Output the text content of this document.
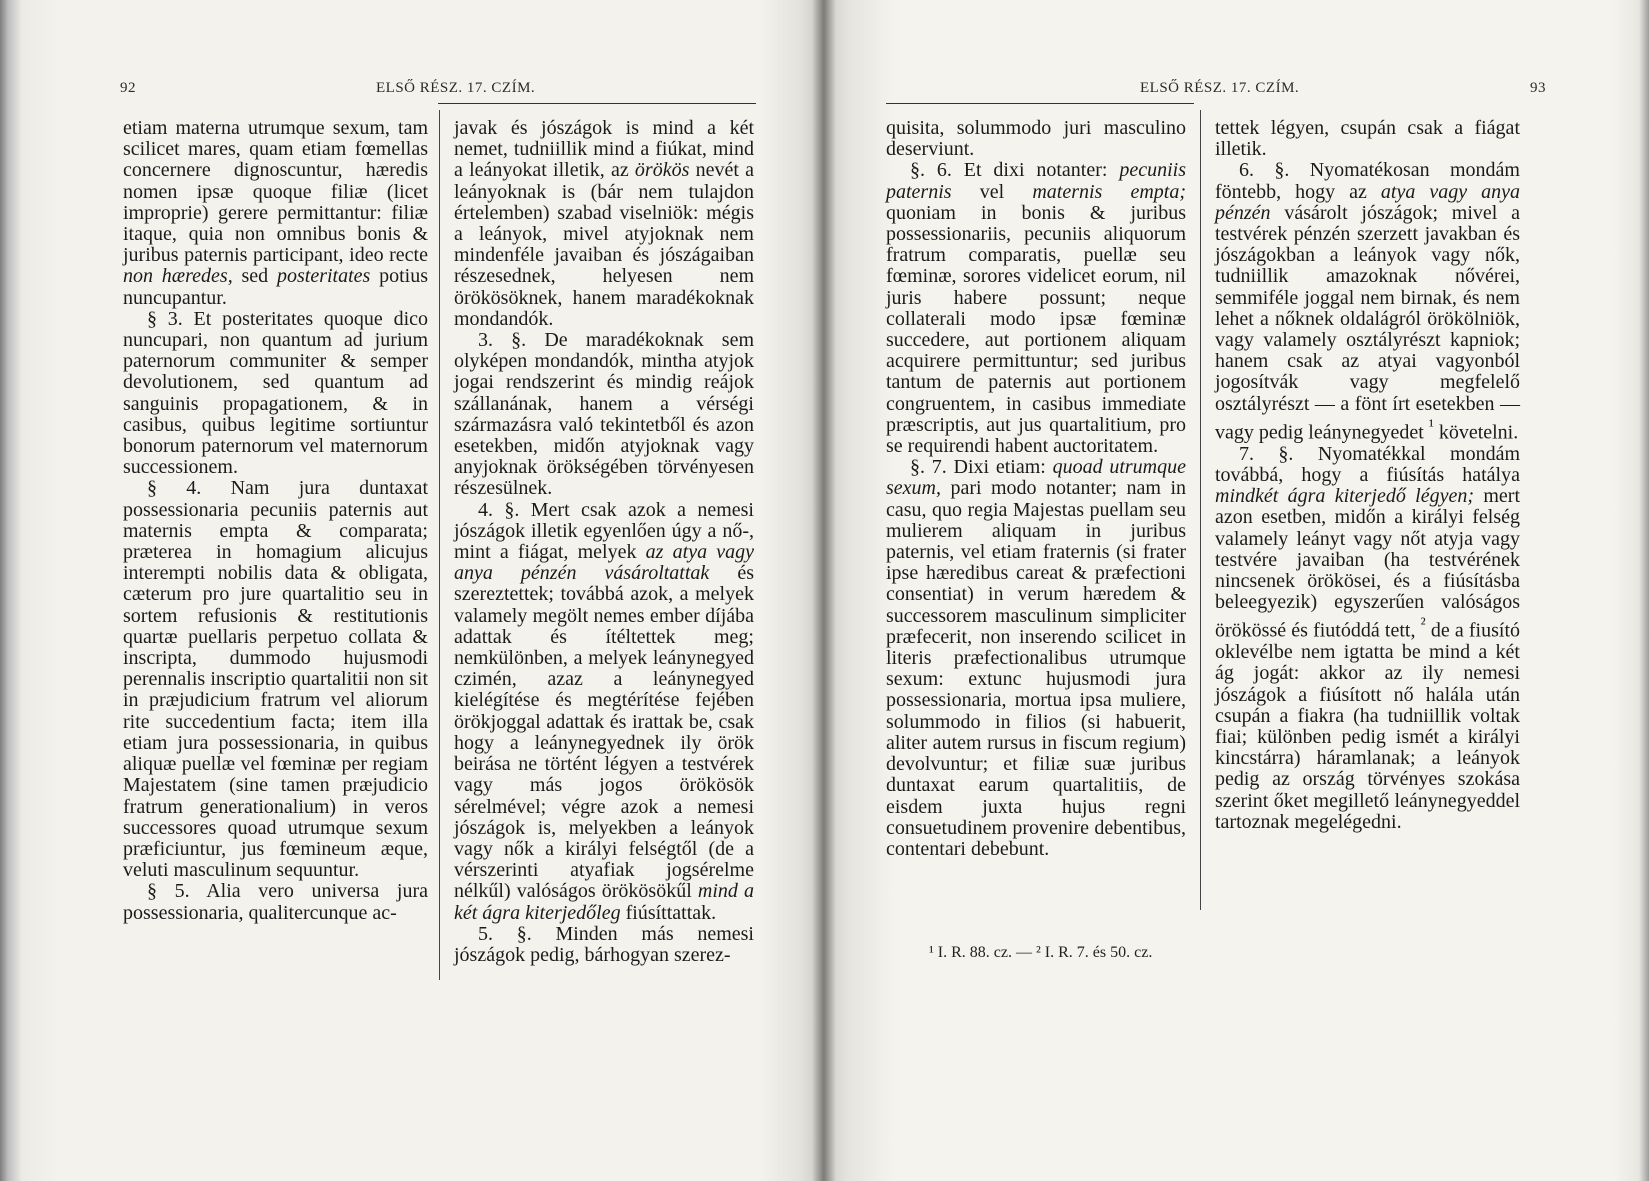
92	ELSŐ RÉSZ. 17. CZÍM.

etiam materna utrumque sexum, tam scilicet mares, quam etiam fœmellas concernere dignoscuntur, hæredis nomen ipsæ quoque filiæ (licet improprie) gerere permittantur: filiæ itaque, quia non omnibus bonis & juribus paternis participant, ideo recte non hæredes, sed posteritates potius nuncupantur.

§ 3. Et posteritates quoque dico nuncupari, non quantum ad jurium paternorum communiter & semper devolutionem, sed quantum ad sanguinis propagationem, & in casibus, quibus legitime sortiuntur bonorum paternorum vel maternorum successionem.

§ 4. Nam jura duntaxat possessionaria pecuniis paternis aut maternis empta & comparata; præterea in homagium alicujus interempti nobilis data & obligata, cæterum pro jure quartalitio seu in sortem refusionis & restitutionis quartæ puellaris perpetuo collata & inscripta, dummodo hujusmodi perennalis inscriptio quartalitii non sit in præjudicium fratrum vel aliorum rite succedentium facta; item illa etiam jura possessionaria, in quibus aliquæ puellæ vel fœminæ per regiam Majestatem (sine tamen præjudicio fratrum generationalium) in veros successores quoad utrumque sexum præficiuntur, jus fœmineum æque, veluti masculinum sequuntur.

§ 5. Alia vero universa jura possessionaria, qualitercunque ac-

javak és jószágok is mind a két nemet, tudniillik mind a fiúkat, mind a leányokat illetik, az örökös nevét a leányoknak is (bár nem tulajdon értelemben) szabad viselniök: mégis a leányok, mivel atyjoknak nem mindenféle javaiban és jószágaiban részesednek, helyesen nem örökösöknek, hanem maradékoknak mondandók.

3. §. De maradékoknak sem olyképen mondandók, mintha atyjok jogai rendszerint és mindig reájok szállanának, hanem a vérségi származásra való tekintetből és azon esetekben, midőn atyjoknak vagy anyjoknak örökségében törvényesen részesülnek.

4. §. Mert csak azok a nemesi jószágok illetik egyenlően úgy a nő-, mint a fiágat, melyek az atya vagy anya pénzén vásároltattak és szereztettek; továbbá azok, a melyek valamely megölt nemes ember díjába adattak és ítéltettek meg; nemkülönben, a melyek leánynegyed czimén, azaz a leánynegyed kielégítése és megtérítése fejében örökjoggal adattak és irattak be, csak hogy a leánynegyednek ily örök beirása ne történt légyen a testvérek vagy más jogos örökösök sérelmével; végre azok a nemesi jószágok is, melyekben a leányok vagy nők a királyi felségtől (de a vérszerinti atyafiak jogsérelme nélkűl) valóságos örökösökűl mind a két ágra kiterjedőleg fiúsíttattak.

5. §. Minden más nemesi jószágok pedig, bárhogyan szerez-

ELSŐ RÉSZ. 17. CZÍM.	93

quisita, solummodo juri masculino deserviunt.

§. 6. Et dixi notanter: pecuniis paternis vel maternis empta; quoniam in bonis & juribus possessionariis, pecuniis aliquorum fratrum comparatis, puellæ seu fœminæ, sorores videlicet eorum, nil juris habere possunt; neque collaterali modo ipsæ fœminæ succedere, aut portionem aliquam acquirere permittuntur; sed juribus tantum de paternis aut portionem congruentem, in casibus immediate præscriptis, aut jus quartalitium, pro se requirendi habent auctoritatem.

§. 7. Dixi etiam: quoad utrumque sexum, pari modo notanter; nam in casu, quo regia Majestas puellam seu mulierem aliquam in juribus paternis, vel etiam fraternis (si frater ipse hæredibus careat & præfectioni consentiat) in verum hæredem & successorem masculinum simpliciter præfecerit, non inserendo scilicet in literis præfectionalibus utrumque sexum: extunc hujusmodi jura possessionaria, mortua ipsa muliere, solummodo in filios (si habuerit, aliter autem rursus in fiscum regium) devolvuntur; et filiæ suæ juribus duntaxat earum quartalitiis, de eisdem juxta hujus regni consuetudinem provenire debentibus, contentari debebunt.

tettek légyen, csupán csak a fiágat illetik.

6. §. Nyomatékosan mondám föntebb, hogy az atya vagy anya pénzén vásárolt jószágok; mivel a testvérek pénzén szerzett javakban és jószágokban a leányok vagy nők, tudniillik amazoknak nővérei, semmiféle joggal nem birnak, és nem lehet a nőknek oldalágról örökölniök, vagy valamely osztályrészt kapniok; hanem csak az atyai vagyonból jogosítvák vagy megfelelő osztályrészt — a fönt írt esetekben — vagy pedig leánynegyedet $^{^1}$ követelni.

7. §. Nyomatékkal mondám továbbá, hogy a fiúsítás hatálya mindkét ágra kiterjedő légyen; mert azon esetben, midőn a királyi felség valamely leányt vagy nőt atyja vagy testvére javaiban (ha testvérének nincsenek örökösei, és a fiúsításba beleegyezik) egyszerűen valóságos örökössé és fiutóddá tett, $^{^2}$ de a fiusító oklevélbe nem igtatta be mind a két ág jogát: akkor az ily nemesi jószágok a fiúsított nő halála után csupán a fiakra (ha tudniillik voltak fiai; különben pedig ismét a királyi kincstárra) háramlanak; a leányok pedig az ország törvényes szokása szerint őket megillető leánynegyeddel tartoznak megelégedni.

¹ I. R. 88. cz. — ² I. R. 7. és 50. cz.
